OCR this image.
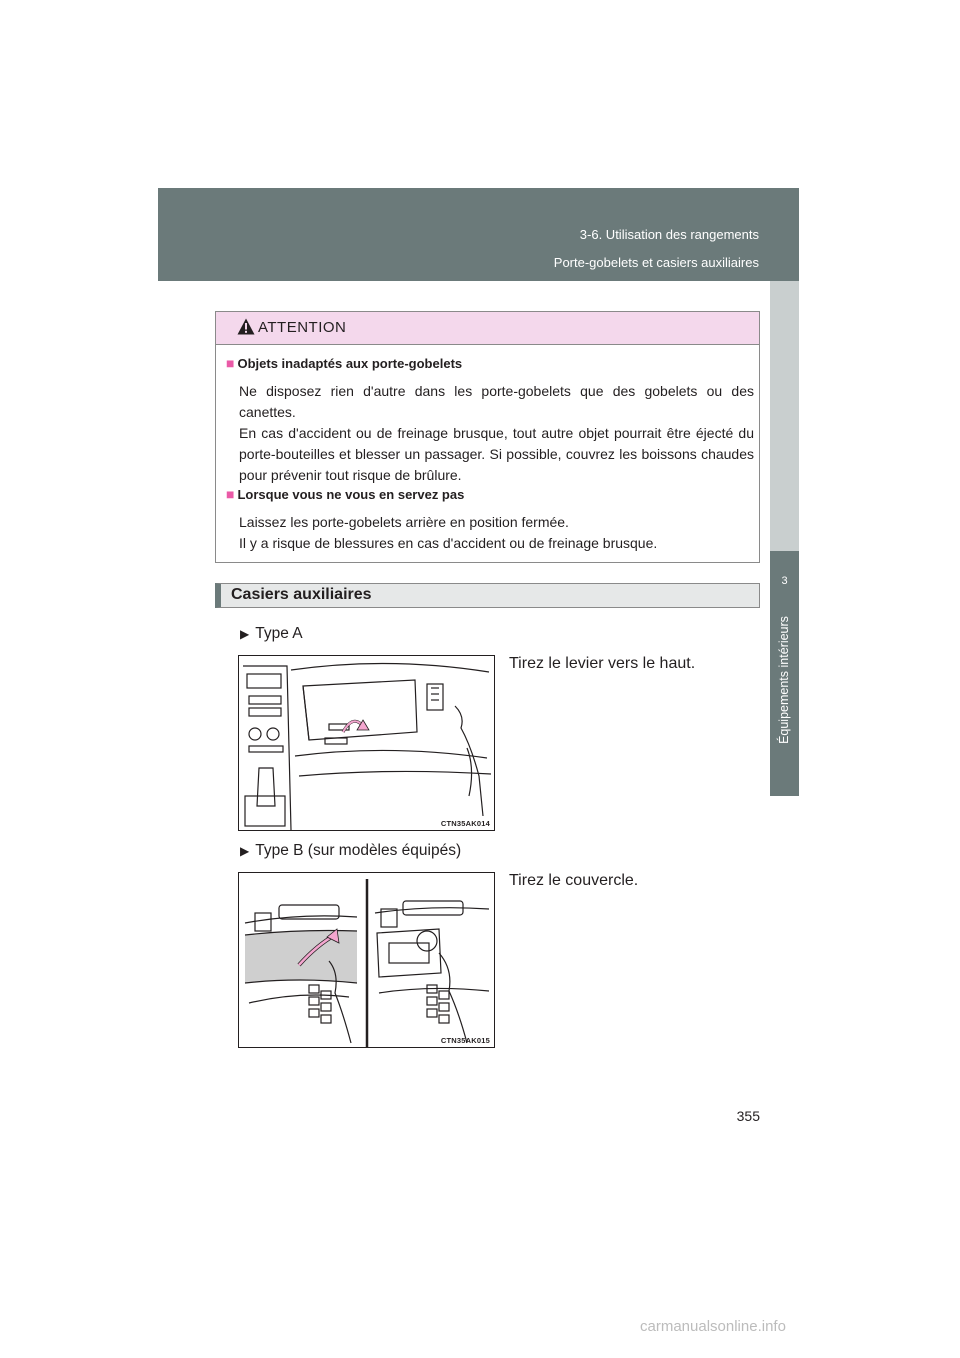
3-6. Utilisation des rangements
Porte-gobelets et casiers auxiliaires
3
Équipements intérieurs
ATTENTION
■ Objets inadaptés aux porte-gobelets
Ne disposez rien d'autre dans les porte-gobelets que des gobelets ou des canettes.
En cas d'accident ou de freinage brusque, tout autre objet pourrait être éjecté du porte-bouteilles et blesser un passager. Si possible, couvrez les boissons chaudes pour prévenir tout risque de brûlure.
■ Lorsque vous ne vous en servez pas
Laissez les porte-gobelets arrière en position fermée.
Il y a risque de blessures en cas d'accident ou de freinage brusque.
Casiers auxiliaires
▶ Type A
Tirez le levier vers le haut.
CTN35AK014
▶ Type B (sur modèles équipés)
Tirez le couvercle.
CTN35AK015
355
carmanualsonline.info
